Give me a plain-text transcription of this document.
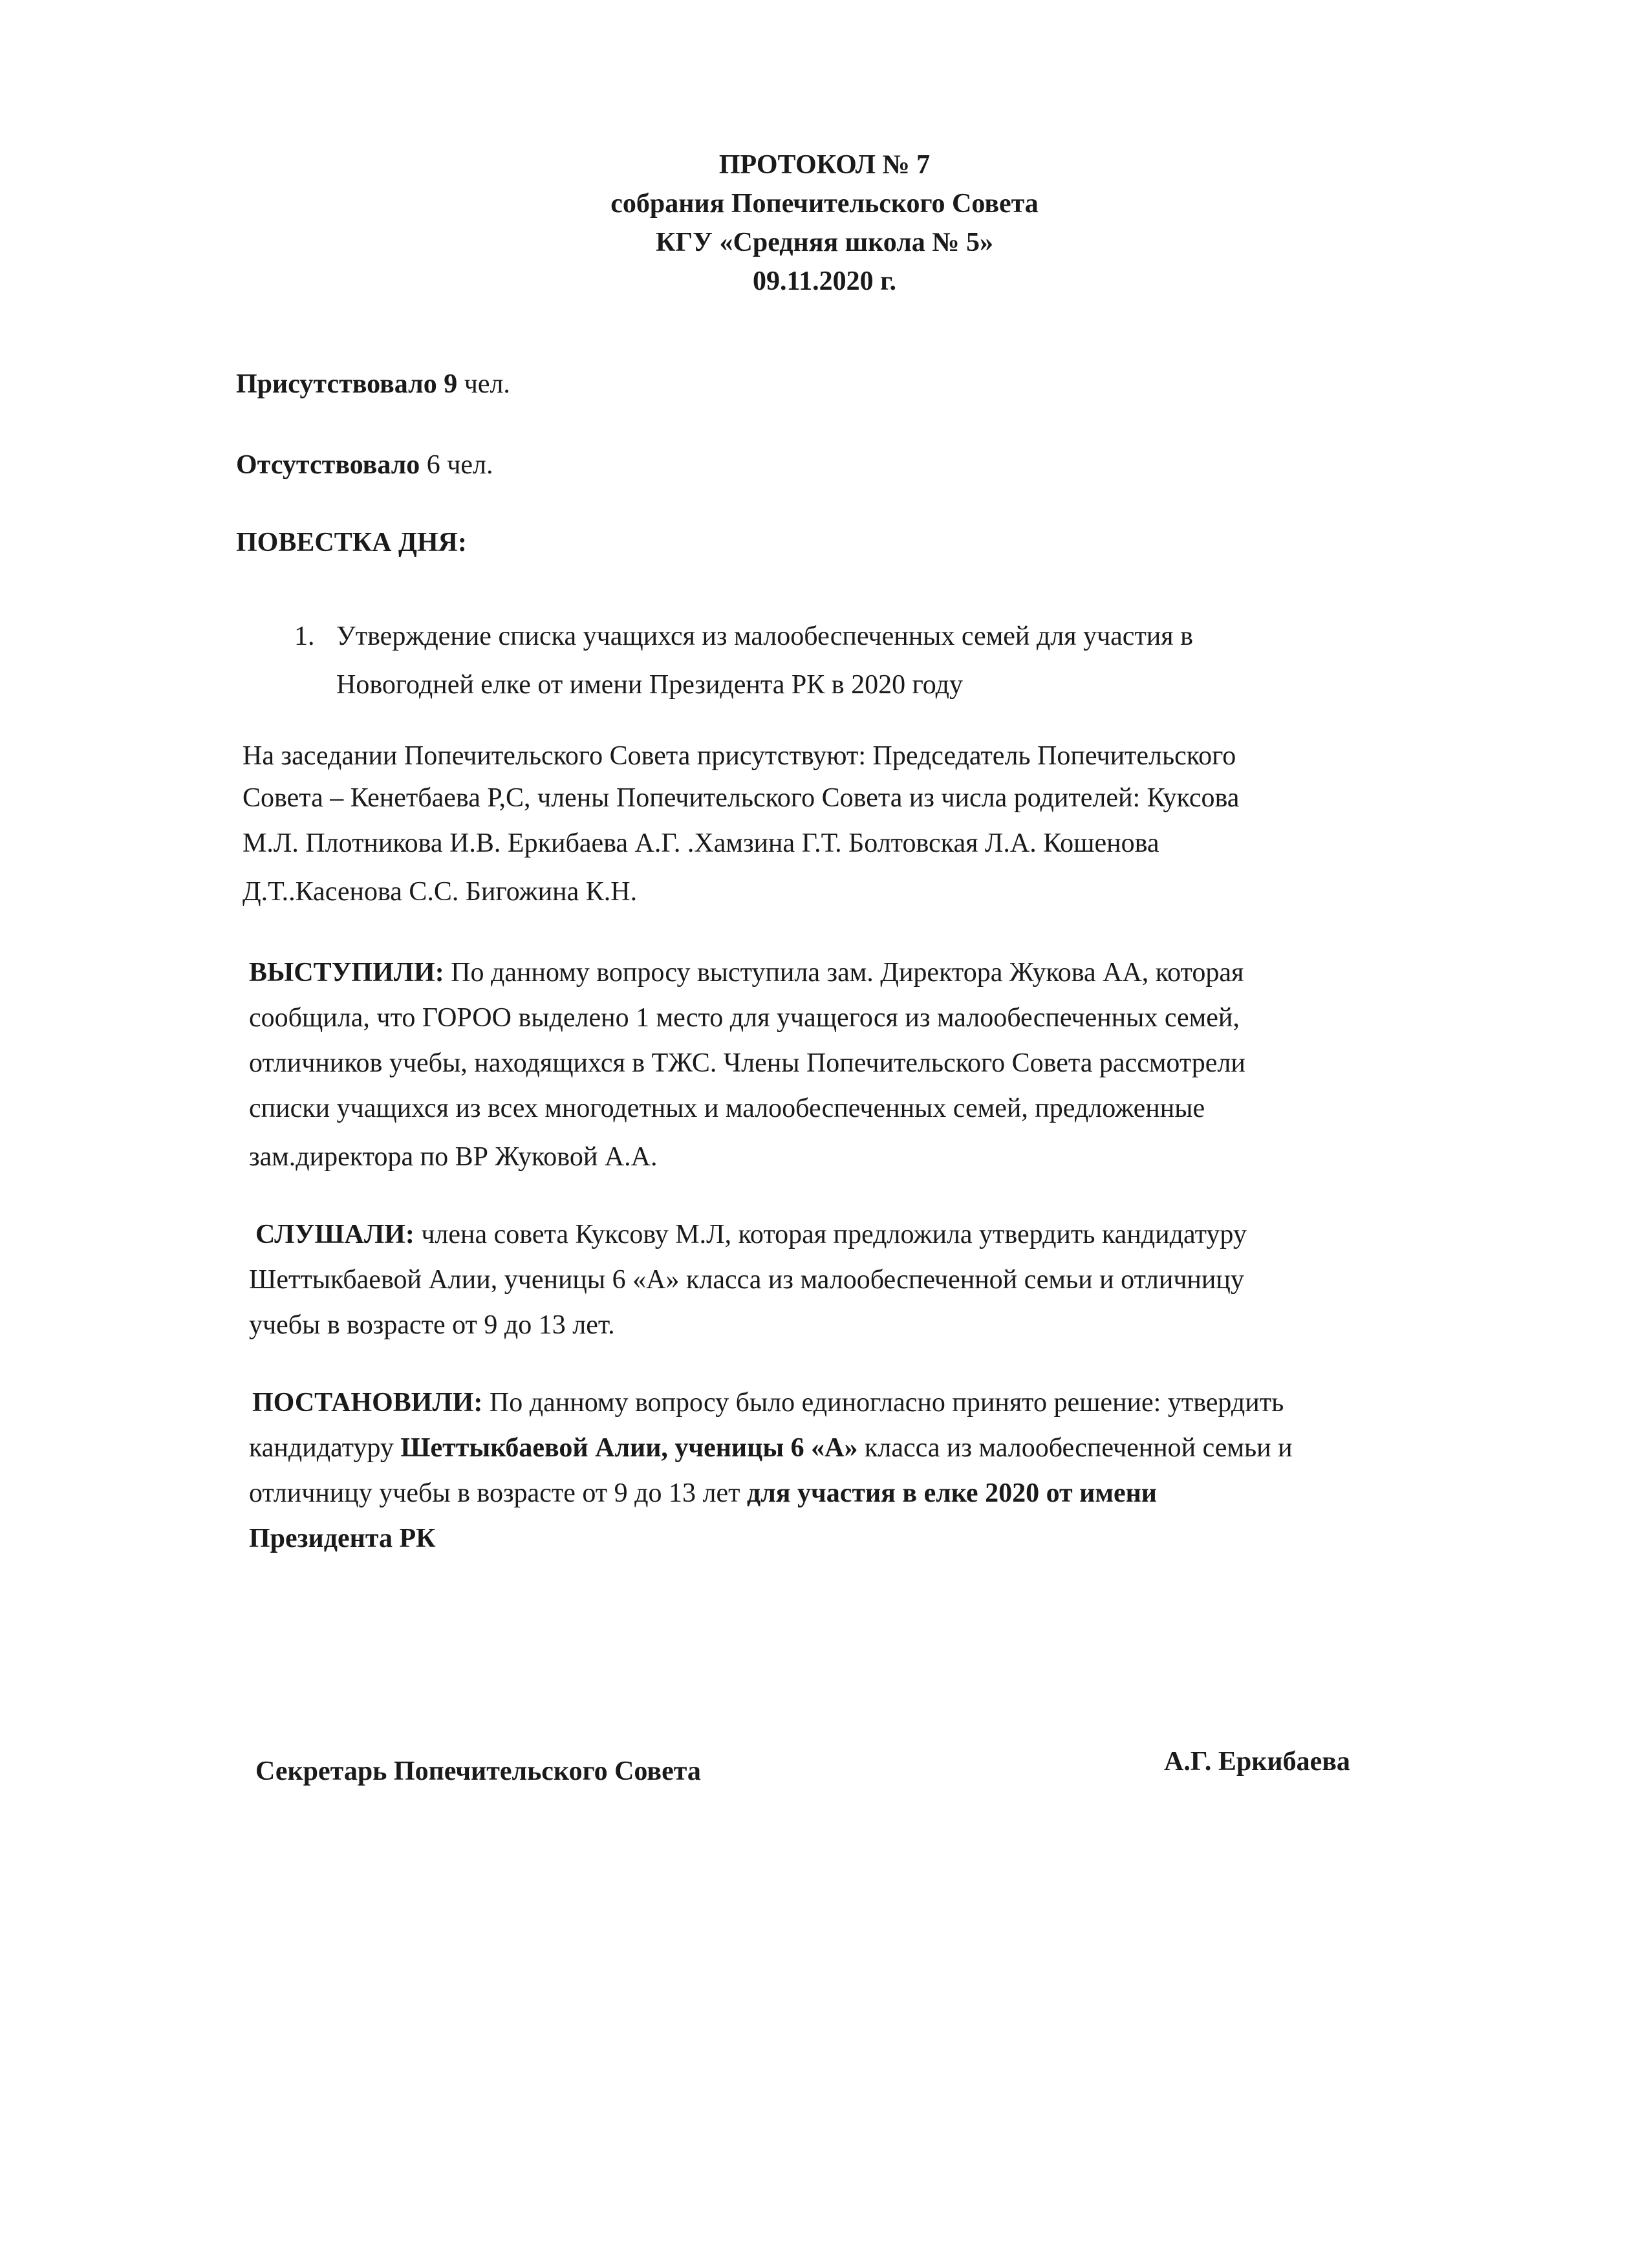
ПРОТОКОЛ № 7
собрания Попечительского Совета
КГУ «Средняя школа № 5»
09.11.2020 г.
Присутствовало 9 чел.
Отсутствовало 6 чел.
ПОВЕСТКА ДНЯ:
1. Утверждение списка учащихся из малообеспеченных семей для участия в
Новогодней елке от имени Президента РК в 2020 году
На заседании Попечительского Совета присутствуют: Председатель Попечительского
Совета – Кенетбаева Р,С, члены Попечительского Совета из числа родителей: Куксова
М.Л. Плотникова И.В. Еркибаева А.Г. .Хамзина Г.Т. Болтовская Л.А. Кошенова
Д.Т..Касенова С.С. Бигожина К.Н.
ВЫСТУПИЛИ: По данному вопросу выступила зам. Директора Жукова АА, которая
сообщила, что ГОРОО выделено 1 место для учащегося из малообеспеченных семей,
отличников учебы, находящихся в ТЖС. Члены Попечительского Совета рассмотрели
списки учащихся из всех многодетных и малообеспеченных семей, предложенные
зам.директора по ВР Жуковой А.А.
СЛУШАЛИ: члена совета Куксову М.Л, которая предложила утвердить кандидатуру
Шеттыкбаевой Алии, ученицы 6 «А» класса из малообеспеченной семьи и отличницу
учебы в возрасте от 9 до 13 лет.
ПОСТАНОВИЛИ: По данному вопросу было единогласно принято решение: утвердить
кандидатуру Шеттыкбаевой Алии, ученицы 6 «А» класса из малообеспеченной семьи и
отличницу учебы в возрасте от 9 до 13 лет для участия в елке 2020 от имени
Президента РК
Секретарь Попечительского Совета	А.Г. Еркибаева
